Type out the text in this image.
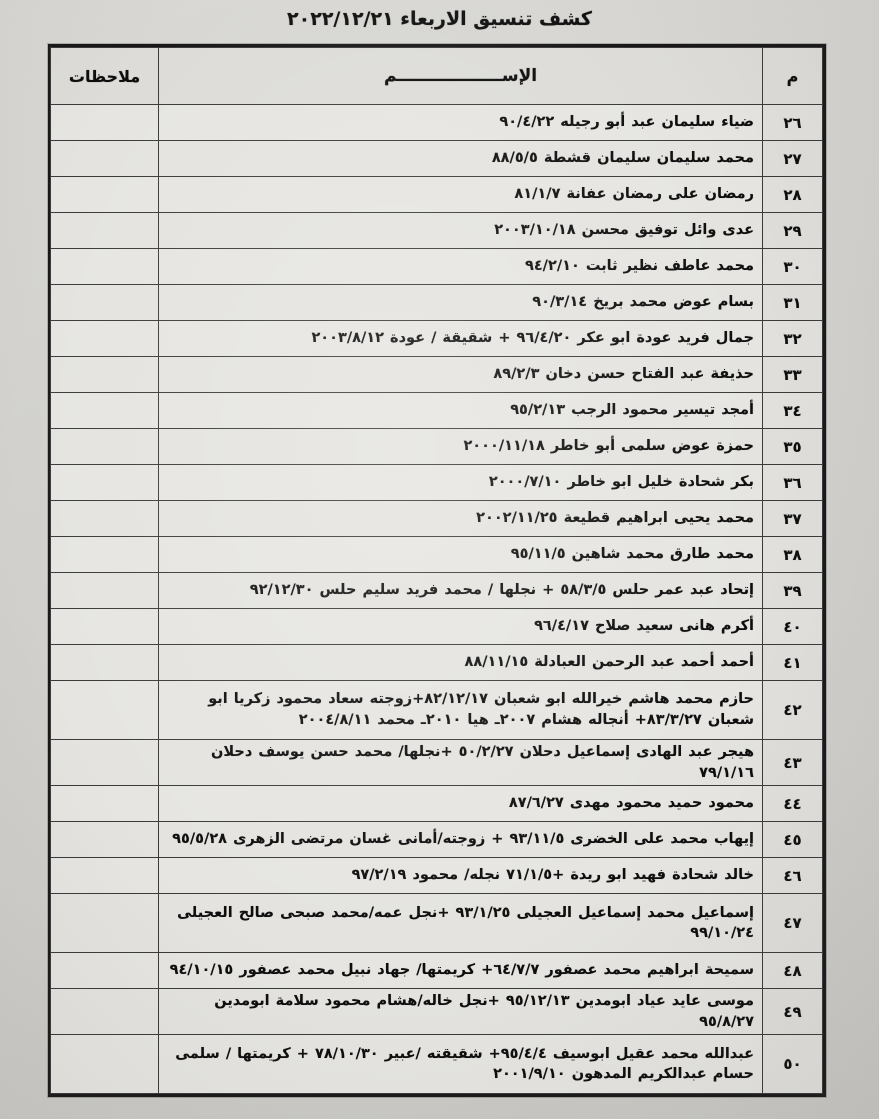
كشف تنسيق الاربعاء ٢٠٢٢/١٢/٢١
م	الإســــــــــــــــــم	ملاحظات
٢٦	ضياء سليمان عبد أبو رجيله ٩٠/٤/٢٢	
٢٧	محمد سليمان سليمان قشطة ٨٨/٥/٥	
٢٨	رمضان على رمضان عفانة ٨١/١/٧	
٢٩	عدى وائل توفيق محسن ٢٠٠٣/١٠/١٨	
٣٠	محمد عاطف نظير ثابت ٩٤/٢/١٠	
٣١	بسام عوض محمد بريخ ٩٠/٣/١٤	
٣٢	جمال فريد عودة ابو عكر ٩٦/٤/٢٠ + شقيقة / عودة ٢٠٠٣/٨/١٢	
٣٣	حذيفة عبد الفتاح حسن دخان ٨٩/٢/٣	
٣٤	أمجد تيسير محمود الرجب ٩٥/٢/١٣	
٣٥	حمزة عوض سلمى أبو خاطر ٢٠٠٠/١١/١٨	
٣٦	بكر شحادة خليل ابو خاطر ٢٠٠٠/٧/١٠	
٣٧	محمد يحيى ابراهيم قطيعة ٢٠٠٢/١١/٢٥	
٣٨	محمد طارق محمد شاهين ٩٥/١١/٥	
٣٩	إتحاد عبد عمر حلس ٥٨/٣/٥ + نجلها / محمد فريد سليم حلس ٩٢/١٢/٣٠	
٤٠	أكرم هانى سعيد صلاح ٩٦/٤/١٧	
٤١	أحمد أحمد عبد الرحمن العبادلة ٨٨/١١/١٥	
٤٢	حازم محمد هاشم خيرالله ابو شعبان ٨٢/١٢/١٧+زوجته سعاد محمود زكريا ابو شعبان ٨٣/٣/٢٧+ أنجاله هشام ٢٠٠٧ـ هيا ٢٠١٠ـ محمد ٢٠٠٤/٨/١١	
٤٣	هيجر عبد الهادى إسماعيل دحلان ٥٠/٢/٢٧ +نجلها/ محمد حسن يوسف دحلان ٧٩/١/١٦	
٤٤	محمود حميد محمود مهدى ٨٧/٦/٢٧	
٤٥	إيهاب محمد على الخضرى ٩٣/١١/٥ + زوجته/أمانى غسان مرتضى الزهرى ٩٥/٥/٢٨	
٤٦	خالد شحادة فهيد ابو ريدة +٧١/١/٥ نجله/ محمود ٩٧/٢/١٩	
٤٧	إسماعيل محمد إسماعيل العجيلى ٩٣/١/٢٥ +نجل عمه/محمد صبحى صالح العجيلى ٩٩/١٠/٢٤	
٤٨	سميحة ابراهيم محمد عصفور ٦٤/٧/٧+ كريمتها/ جهاد نبيل محمد عصفور ٩٤/١٠/١٥	
٤٩	موسى عايد عياد ابومدين ٩٥/١٢/١٣ +نجل خاله/هشام محمود سلامة ابومدين ٩٥/٨/٢٧	
٥٠	عبدالله محمد عقيل ابوسيف ٩٥/٤/٤+ شقيقته /عبير ٧٨/١٠/٣٠ + كريمتها / سلمى حسام عبدالكريم المدهون ٢٠٠١/٩/١٠	
